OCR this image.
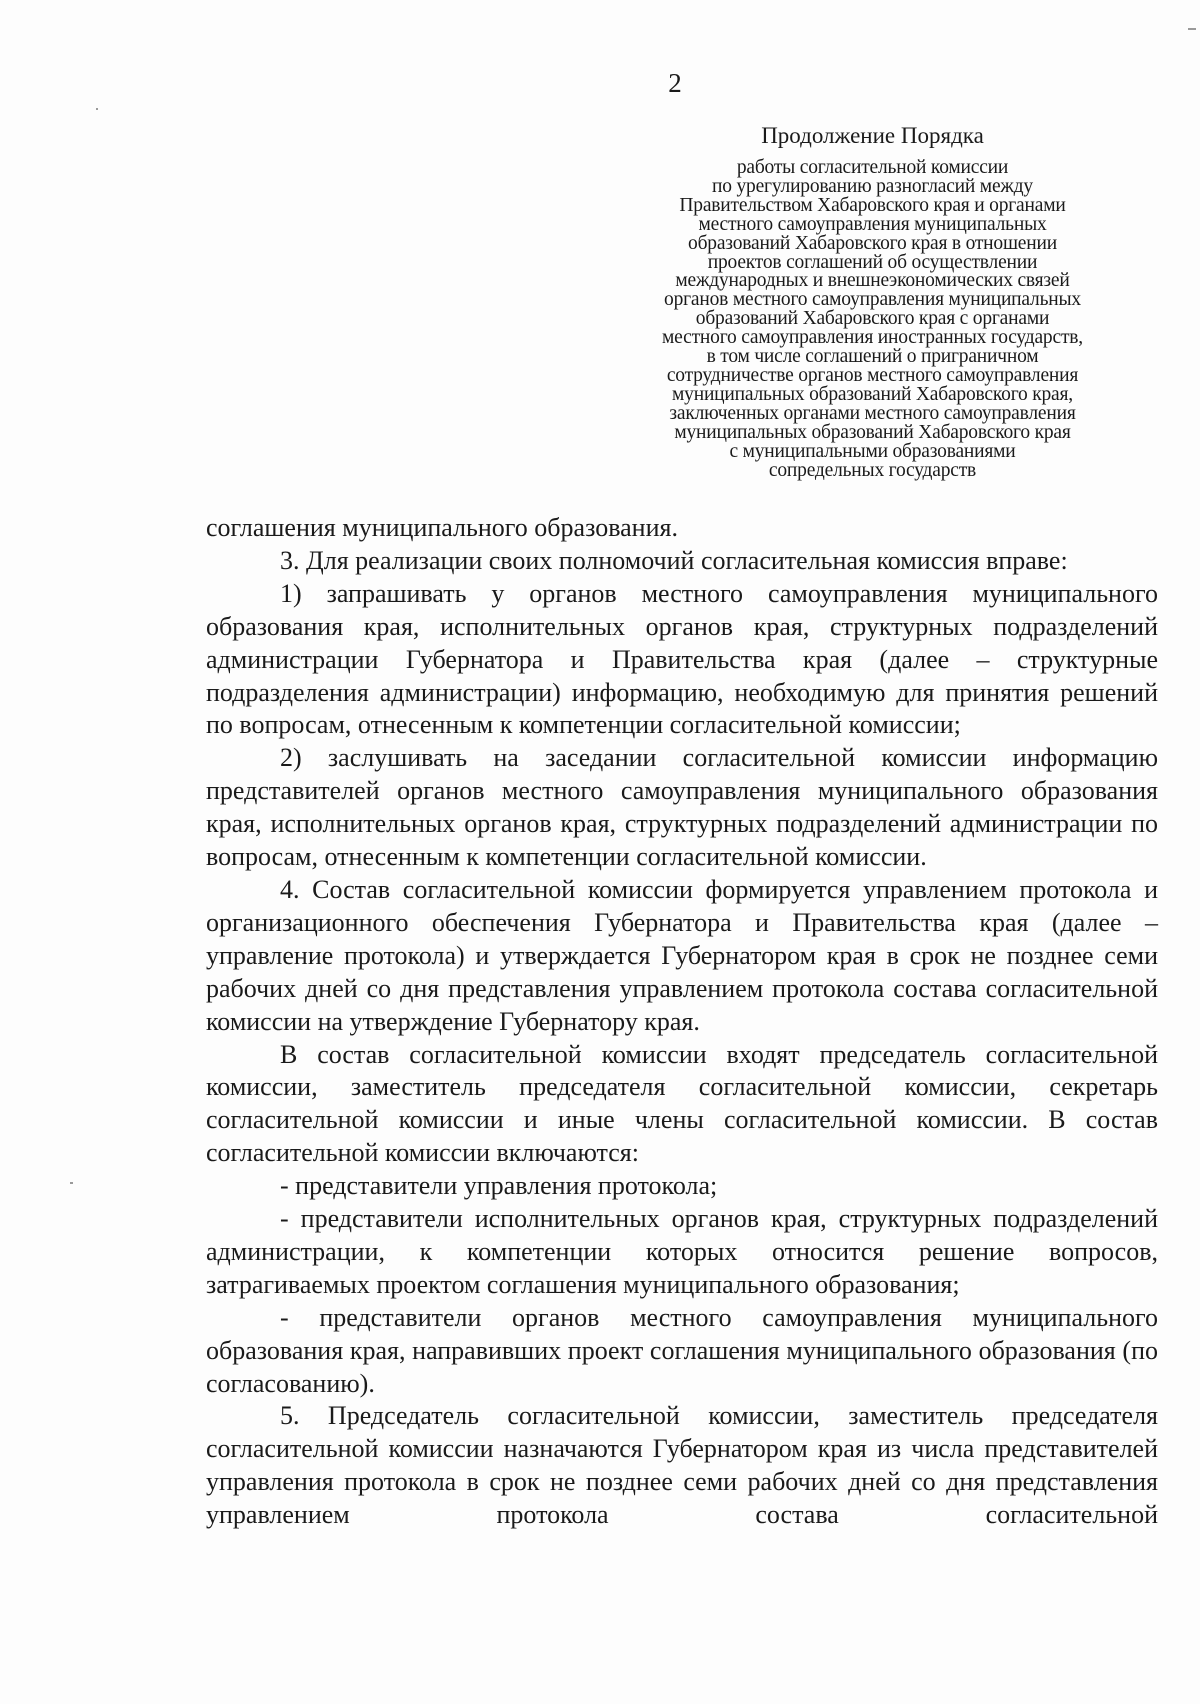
2
Продолжение Порядка
работы согласительной комиссии
по урегулированию разногласий между
Правительством Хабаровского края и органами
местного самоуправления муниципальных
образований Хабаровского края в отношении
проектов соглашений об осуществлении
международных и внешнеэкономических связей
органов местного самоуправления муниципальных
образований Хабаровского края с органами
местного самоуправления иностранных государств,
в том числе соглашений о приграничном
сотрудничестве органов местного самоуправления
муниципальных образований Хабаровского края,
заключенных органами местного самоуправления
муниципальных образований Хабаровского края
с муниципальными образованиями
сопредельных государств

соглашения муниципального образования.

3. Для реализации своих полномочий согласительная комиссия вправе:

1) запрашивать у органов местного самоуправления муниципального образования края, исполнительных органов края, структурных подразделений администрации Губернатора и Правительства края (далее – структурные подразделения администрации) информацию, необходимую для принятия решений по вопросам, отнесенным к компетенции согласительной комиссии;

2) заслушивать на заседании согласительной комиссии информацию представителей органов местного самоуправления муниципального образования края, исполнительных органов края, структурных подразделений администрации по вопросам, отнесенным к компетенции согласительной комиссии.

4. Состав согласительной комиссии формируется управлением протокола и организационного обеспечения Губернатора и Правительства края (далее – управление протокола) и утверждается Губернатором края в срок не позднее семи рабочих дней со дня представления управлением протокола состава согласительной комиссии на утверждение Губернатору края.

В состав согласительной комиссии входят председатель согласительной комиссии, заместитель председателя согласительной комиссии, секретарь согласительной комиссии и иные члены согласительной комиссии. В состав согласительной комиссии включаются:

- представители управления протокола;

- представители исполнительных органов края, структурных подразделений администрации, к компетенции которых относится решение вопросов, затрагиваемых проектом соглашения муниципального образования;

- представители органов местного самоуправления муниципального образования края, направивших проект соглашения муниципального образования (по согласованию).

5. Председатель согласительной комиссии, заместитель председателя согласительной комиссии назначаются Губернатором края из числа представителей управления протокола в срок не позднее семи рабочих дней со дня представления управлением протокола состава согласительной
